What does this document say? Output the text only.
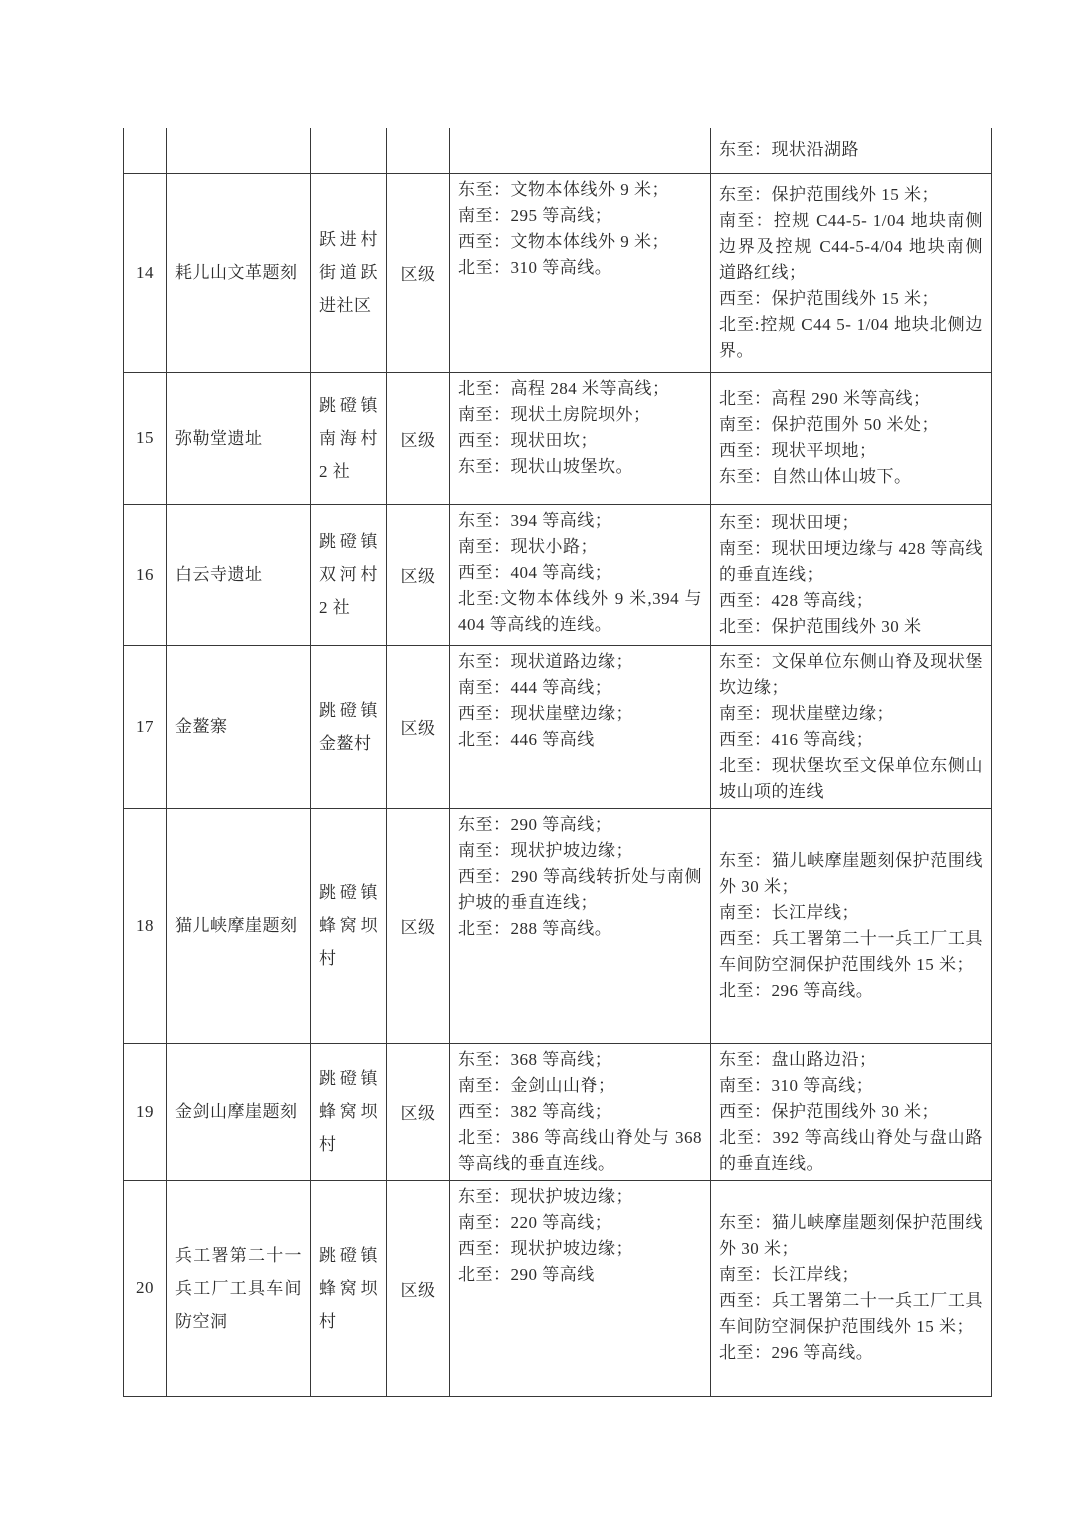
					东至：现状沿湖路

14	耗儿山文革题刻	跃进村街道跃进社区	区级	
东至：文物本体线外 9 米；
南至：295 等高线；
西至：文物本体线外 9 米；
北至：310 等高线。

东至：保护范围线外 15 米；
南至：控规 C44-5- 1/04 地块南侧边界及控规 C44-5-4/04 地块南侧道路红线；
西至：保护范围线外 15 米；
北至:控规 C44 5- 1/04 地块北侧边界。

15	弥勒堂遗址	跳磴镇南海村 2 社	区级	
北至：高程 284 米等高线；
南至：现状土房院坝外；
西至：现状田坎；
东至：现状山坡堡坎。

北至：高程 290 米等高线；
南至：保护范围外 50 米处；
西至：现状平坝地；
东至：自然山体山坡下。

16	白云寺遗址	跳磴镇双河村 2 社	区级	
东至：394 等高线；
南至：现状小路；
西至：404 等高线；
北至:文物本体线外 9 米,394 与 404 等高线的连线。

东至：现状田埂；
南至：现状田埂边缘与 428 等高线的垂直连线；
西至：428 等高线；
北至：保护范围线外 30 米

17	金鳌寨	跳磴镇金鳌村	区级	
东至：现状道路边缘；
南至：444 等高线；
西至：现状崖壁边缘；
北至：446 等高线

东至：文保单位东侧山脊及现状堡坎边缘；
南至：现状崖壁边缘；
西至：416 等高线；
北至：现状堡坎至文保单位东侧山坡山项的连线

18	猫儿峡摩崖题刻	跳磴镇蜂窝坝村	区级	
东至：290 等高线；
南至：现状护坡边缘；
西至：290 等高线转折处与南侧护坡的垂直连线；
北至：288 等高线。

东至：猫儿峡摩崖题刻保护范围线外 30 米；
南至：长江岸线；
西至：兵工署第二十一兵工厂工具车间防空洞保护范围线外 15 米；
北至：296 等高线。

19	金剑山摩崖题刻	跳磴镇蜂窝坝村	区级	
东至：368 等高线；
南至：金剑山山脊；
西至：382 等高线；
北至：386 等高线山脊处与 368 等高线的垂直连线。

东至：盘山路边沿；
南至：310 等高线；
西至：保护范围线外 30 米；
北至：392 等高线山脊处与盘山路的垂直连线。

20	兵工署第二十一兵工厂工具车间防空洞	跳磴镇蜂窝坝村	区级	
东至：现状护坡边缘；
南至：220 等高线；
西至：现状护坡边缘；
北至：290 等高线

东至：猫儿峡摩崖题刻保护范围线外 30 米；
南至：长江岸线；
西至：兵工署第二十一兵工厂工具车间防空洞保护范围线外 15 米；
北至：296 等高线。
